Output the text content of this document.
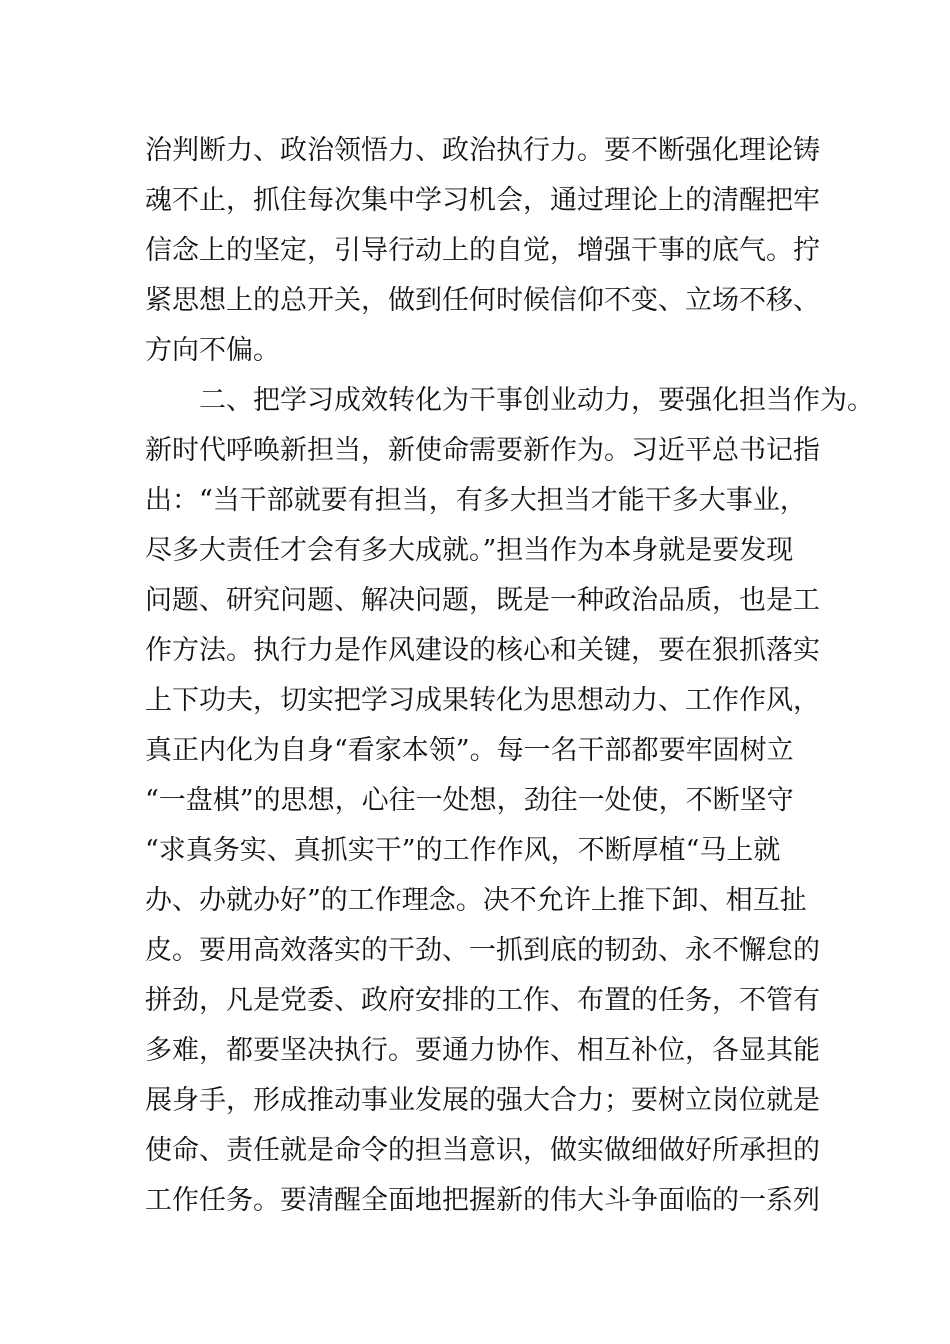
治判断力、政治领悟力、政治执行力。要不断强化理论铸
魂不止，抓住每次集中学习机会，通过理论上的清醒把牢
信念上的坚定，引导行动上的自觉，增强干事的底气。拧
紧思想上的总开关，做到任何时候信仰不变、立场不移、
方向不偏。
二、把学习成效转化为干事创业动力，要强化担当作为。
新时代呼唤新担当，新使命需要新作为。习近平总书记指
出：“当干部就要有担当，有多大担当才能干多大事业，
尽多大责任才会有多大成就。”担当作为本身就是要发现
问题、研究问题、解决问题，既是一种政治品质，也是工
作方法。执行力是作风建设的核心和关键，要在狠抓落实
上下功夫，切实把学习成果转化为思想动力、工作作风，
真正内化为自身“看家本领”。每一名干部都要牢固树立
“一盘棋”的思想，心往一处想，劲往一处使，不断坚守
“求真务实、真抓实干”的工作作风，不断厚植“马上就
办、办就办好”的工作理念。决不允许上推下卸、相互扯
皮。要用高效落实的干劲、一抓到底的韧劲、永不懈怠的
拼劲，凡是党委、政府安排的工作、布置的任务，不管有
多难，都要坚决执行。要通力协作、相互补位，各显其能
展身手，形成推动事业发展的强大合力；要树立岗位就是
使命、责任就是命令的担当意识，做实做细做好所承担的
工作任务。要清醒全面地把握新的伟大斗争面临的一系列
